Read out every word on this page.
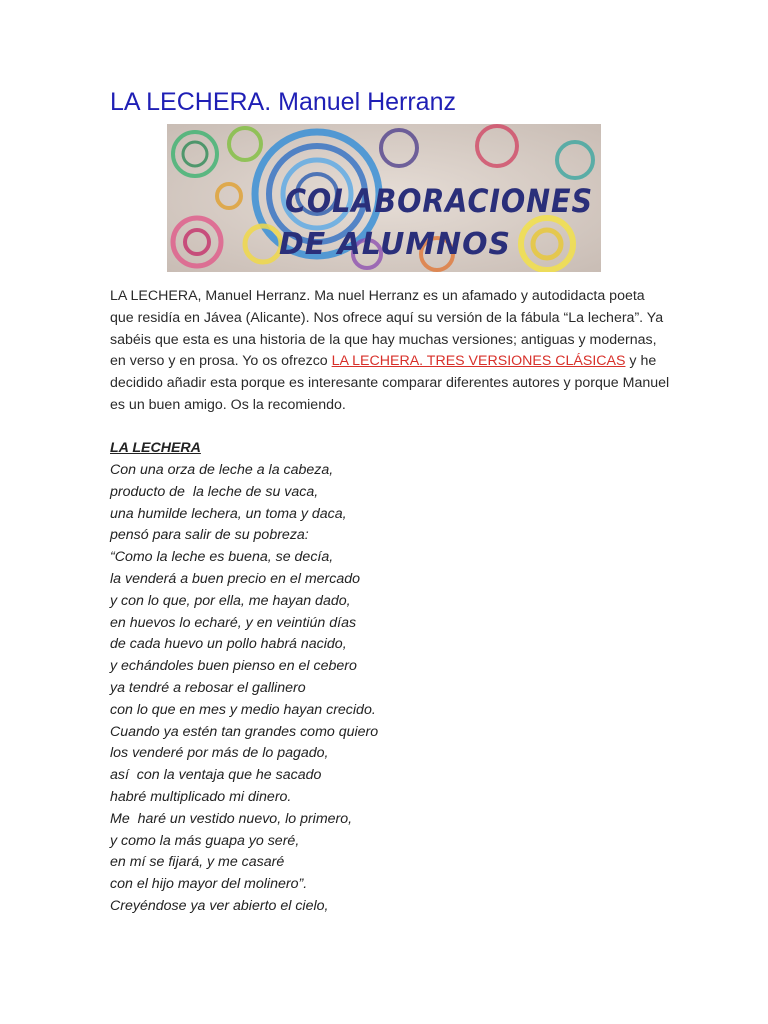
LA LECHERA. Manuel Herranz
COLABORACIONES
DE ALUMNOS

LA LECHERA, Manuel Herranz. Ma nuel Herranz es un afamado y autodidacta poeta que residía en Jávea (Alicante). Nos ofrece aquí su versión de la fábula “La lechera”. Ya sabéis que esta es una historia de la que hay muchas versiones; antiguas y modernas, en verso y en prosa. Yo os ofrezco LA LECHERA. TRES VERSIONES CLÁSICAS y he decidido añadir esta porque es interesante comparar diferentes autores y porque Manuel es un buen amigo. Os la recomiendo.

LA LECHERA

Con una orza de leche a la cabeza,
producto de  la leche de su vaca,
una humilde lechera, un toma y daca,
pensó para salir de su pobreza:
“Como la leche es buena, se decía,
la venderá a buen precio en el mercado
y con lo que, por ella, me hayan dado,
en huevos lo echaré, y en veintiún días
de cada huevo un pollo habrá nacido,
y echándoles buen pienso en el cebero
ya tendré a rebosar el gallinero
con lo que en mes y medio hayan crecido.
Cuando ya estén tan grandes como quiero
los venderé por más de lo pagado,
así  con la ventaja que he sacado
habré multiplicado mi dinero.
Me  haré un vestido nuevo, lo primero,
y como la más guapa yo seré,
en mí se fijará, y me casaré
con el hijo mayor del molinero”.
Creyéndose ya ver abierto el cielo,
